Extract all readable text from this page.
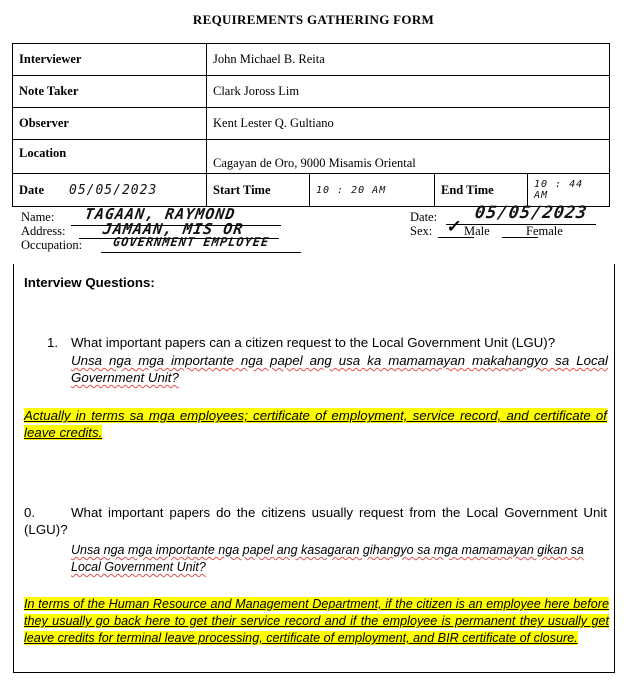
REQUIREMENTS GATHERING FORM
Interviewer	John Michael B. Reita			
Note Taker	Clark Joross Lim			
Observer	Kent Lester Q. Gultiano			
Location	Cagayan de Oro, 9000 Misamis Oriental			
Date 05/05/2023	Start Time	10 : 20 AM	End Time	10 : 44 AM
Name: TAGAAN, RAYMOND
Address: JAMAAN, MIS OR
Occupation: GOVERNMENT EMPLOYEE
Date: 05/05/2023
Sex: ✓ Male	Female
Interview Questions:
1. What important papers can a citizen request to the Local Government Unit (LGU)?
Unsa nga mga importante nga papel ang usa ka mamamayan makahangyo sa Local Government Unit?
Actually in terms sa mga employees; certificate of employment, service record, and certificate of leave credits.
0.	What important papers do the citizens usually request from the Local Government Unit (LGU)?
Unsa nga mga importante nga papel ang kasagaran gihangyo sa mga mamamayan gikan sa Local Government Unit?
In terms of the Human Resource and Management Department, if the citizen is an employee here before they usually go back here to get their service record and if the employee is permanent they usually get leave credits for terminal leave processing, certificate of employment, and BIR certificate of closure.
